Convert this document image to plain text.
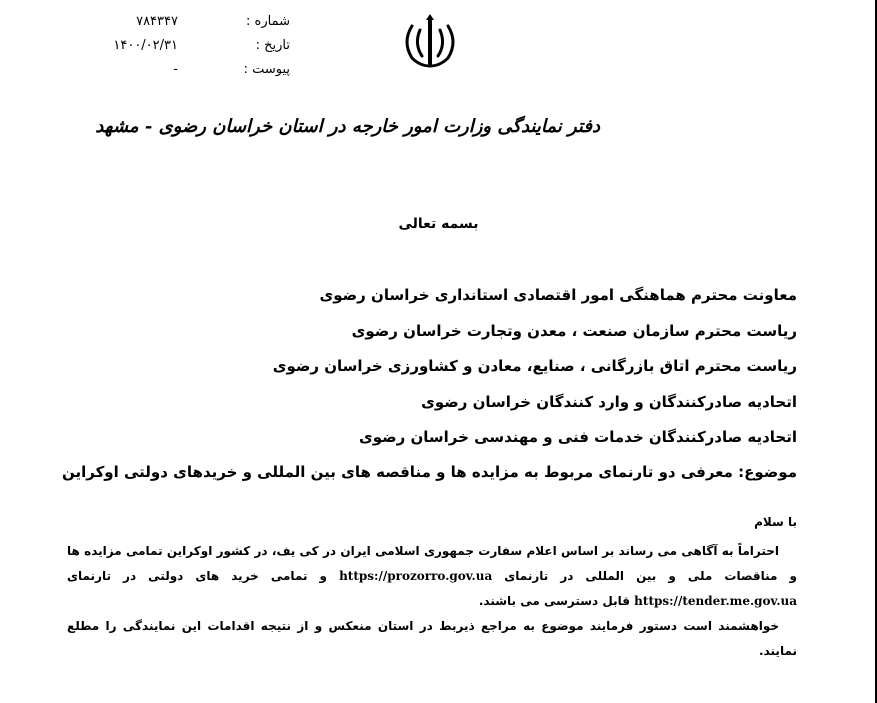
شماره :
۷۸۴۳۴۷
تاریخ :
۱۴۰۰/۰۲/۳۱
پیوست :
-
دفتر نمایندگی وزارت امور خارجه در استان خراسان رضوی - مشهد
بسمه تعالی
معاونت محترم هماهنگی امور اقتصادی استانداری خراسان رضوی
ریاست محترم سازمان صنعت ، معدن وتجارت خراسان رضوی
ریاست محترم اتاق بازرگانی ، صنایع، معادن و کشاورزی خراسان رضوی
اتحادیه صادرکنندگان و وارد کنندگان خراسان رضوی
اتحادیه صادرکنندگان خدمات فنی و مهندسی خراسان رضوی
موضوع: معرفی دو تارنمای مربوط به مزایده ها و مناقصه های بین المللی و خریدهای دولتی اوکراین

با سلام

احتراماً به آگاهی می رساند بر اساس اعلام سفارت جمهوری اسلامی ایران در کی یف، در کشور اوکراین تمامی مزایده ها و مناقصات ملی و بین المللی در تارنمای https://prozorro.gov.ua و تمامی خرید های دولتی در تارنمای https://tender.me.gov.ua قابل دسترسی می باشند.

خواهشمند است دستور فرمایند موضوع به مراجع ذیربط در استان منعکس و از نتیجه اقدامات این نمایندگی را مطلع نمایند.
